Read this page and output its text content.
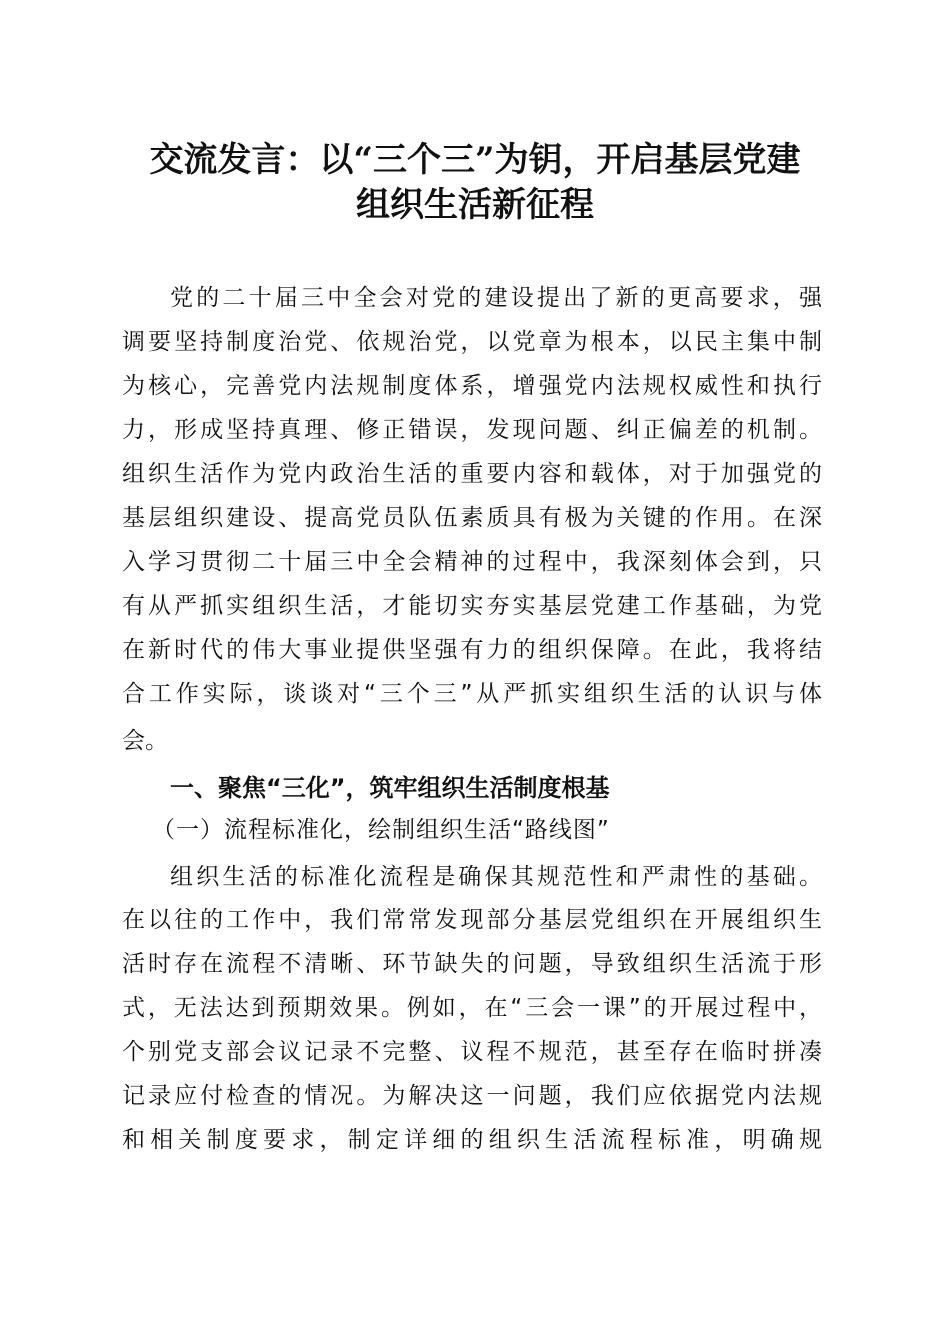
交流发言：以“三个三”为钥，开启基层党建
组织生活新征程
党的二十届三中全会对党的建设提出了新的更高要求，强
调要坚持制度治党、依规治党，以党章为根本，以民主集中制
为核心，完善党内法规制度体系，增强党内法规权威性和执行
力，形成坚持真理、修正错误，发现问题、纠正偏差的机制。
组织生活作为党内政治生活的重要内容和载体，对于加强党的
基层组织建设、提高党员队伍素质具有极为关键的作用。在深
入学习贯彻二十届三中全会精神的过程中，我深刻体会到，只
有从严抓实组织生活，才能切实夯实基层党建工作基础，为党
在新时代的伟大事业提供坚强有力的组织保障。在此，我将结
合工作实际，谈谈对“三个三”从严抓实组织生活的认识与体
会。
一、聚焦“三化”，筑牢组织生活制度根基
（一）流程标准化，绘制组织生活“路线图”
组织生活的标准化流程是确保其规范性和严肃性的基础。
在以往的工作中，我们常常发现部分基层党组织在开展组织生
活时存在流程不清晰、环节缺失的问题，导致组织生活流于形
式，无法达到预期效果。例如，在“三会一课”的开展过程中，
个别党支部会议记录不完整、议程不规范，甚至存在临时拼凑
记录应付检查的情况。为解决这一问题，我们应依据党内法规
和相关制度要求，制定详细的组织生活流程标准，明确规
